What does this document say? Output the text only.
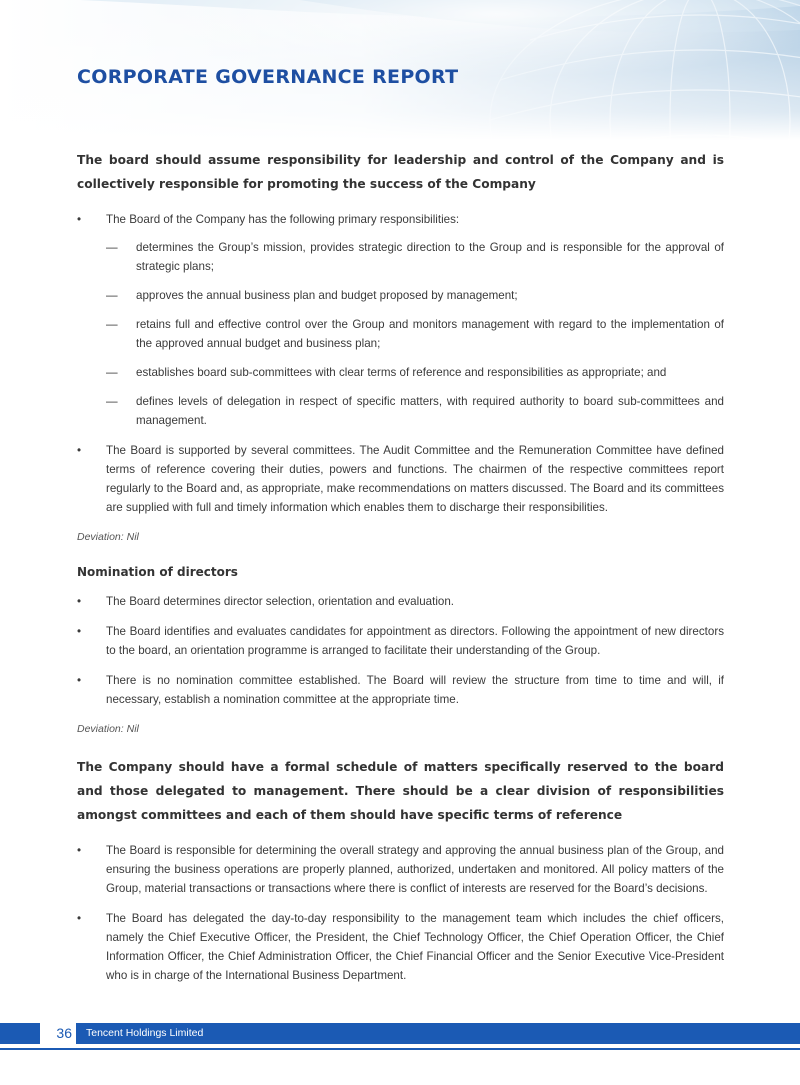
CORPORATE GOVERNANCE REPORT
The board should assume responsibility for leadership and control of the Company and is collectively responsible for promoting the success of the Company
• The Board of the Company has the following primary responsibilities:
— determines the Group’s mission, provides strategic direction to the Group and is responsible for the approval of strategic plans;
— approves the annual business plan and budget proposed by management;
— retains full and effective control over the Group and monitors management with regard to the implementation of the approved annual budget and business plan;
— establishes board sub-committees with clear terms of reference and responsibilities as appropriate; and
— defines levels of delegation in respect of specific matters, with required authority to board sub-committees and management.
• The Board is supported by several committees. The Audit Committee and the Remuneration Committee have defined terms of reference covering their duties, powers and functions. The chairmen of the respective committees report regularly to the Board and, as appropriate, make recommendations on matters discussed. The Board and its committees are supplied with full and timely information which enables them to discharge their responsibilities.
Deviation: Nil
Nomination of directors
• The Board determines director selection, orientation and evaluation.
• The Board identifies and evaluates candidates for appointment as directors. Following the appointment of new directors to the board, an orientation programme is arranged to facilitate their understanding of the Group.
• There is no nomination committee established. The Board will review the structure from time to time and will, if necessary, establish a nomination committee at the appropriate time.
Deviation: Nil
The Company should have a formal schedule of matters specifically reserved to the board and those delegated to management. There should be a clear division of responsibilities amongst committees and each of them should have specific terms of reference
• The Board is responsible for determining the overall strategy and approving the annual business plan of the Group, and ensuring the business operations are properly planned, authorized, undertaken and monitored. All policy matters of the Group, material transactions or transactions where there is conflict of interests are reserved for the Board’s decisions.
• The Board has delegated the day-to-day responsibility to the management team which includes the chief officers, namely the Chief Executive Officer, the President, the Chief Technology Officer, the Chief Operation Officer, the Chief Information Officer, the Chief Administration Officer, the Chief Financial Officer and the Senior Executive Vice-President who is in charge of the International Business Department.
36	Tencent Holdings Limited
